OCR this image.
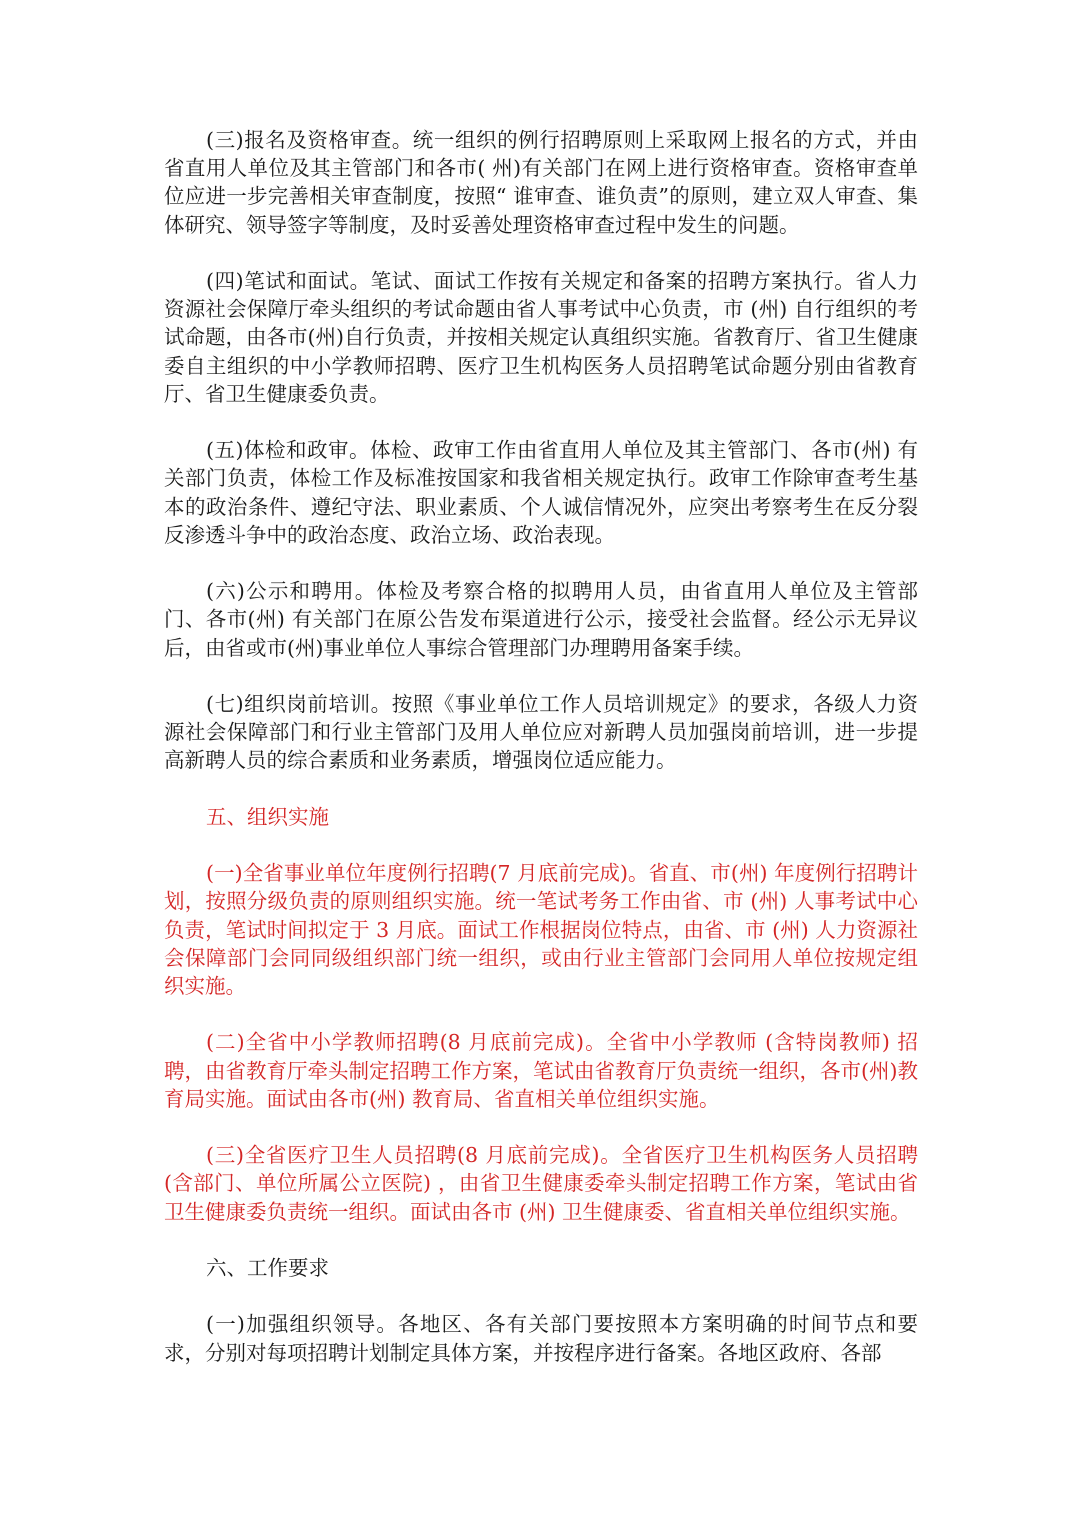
(三)报名及资格审查。统一组织的例行招聘原则上采取网上报名的方式，并由省直用人单位及其主管部门和各市( 州)有关部门在网上进行资格审查。资格审查单位应进一步完善相关审查制度，按照“ 谁审查、谁负责”的原则，建立双人审查、集体研究、领导签字等制度，及时妥善处理资格审查过程中发生的问题。

(四)笔试和面试。笔试、面试工作按有关规定和备案的招聘方案执行。省人力资源社会保障厅牵头组织的考试命题由省人事考试中心负责，市 (州) 自行组织的考试命题，由各市(州)自行负责，并按相关规定认真组织实施。省教育厅、省卫生健康委自主组织的中小学教师招聘、医疗卫生机构医务人员招聘笔试命题分别由省教育厅、省卫生健康委负责。

(五)体检和政审。体检、政审工作由省直用人单位及其主管部门、各市(州) 有关部门负责，体检工作及标准按国家和我省相关规定执行。政审工作除审查考生基本的政治条件、遵纪守法、职业素质、个人诚信情况外，应突出考察考生在反分裂反渗透斗争中的政治态度、政治立场、政治表现。

(六)公示和聘用。体检及考察合格的拟聘用人员，由省直用人单位及主管部门、各市(州) 有关部门在原公告发布渠道进行公示，接受社会监督。经公示无异议后，由省或市(州)事业单位人事综合管理部门办理聘用备案手续。

(七)组织岗前培训。按照《事业单位工作人员培训规定》的要求，各级人力资源社会保障部门和行业主管部门及用人单位应对新聘人员加强岗前培训，进一步提高新聘人员的综合素质和业务素质，增强岗位适应能力。

五、组织实施

(一)全省事业单位年度例行招聘(7 月底前完成)。省直、市(州) 年度例行招聘计划，按照分级负责的原则组织实施。统一笔试考务工作由省、市 (州) 人事考试中心负责，笔试时间拟定于 3 月底。面试工作根据岗位特点，由省、市 (州) 人力资源社会保障部门会同同级组织部门统一组织，或由行业主管部门会同用人单位按规定组织实施。

(二)全省中小学教师招聘(8 月底前完成)。全省中小学教师 (含特岗教师) 招聘，由省教育厅牵头制定招聘工作方案，笔试由省教育厅负责统一组织，各市(州)教育局实施。面试由各市(州) 教育局、省直相关单位组织实施。

(三)全省医疗卫生人员招聘(8 月底前完成)。全省医疗卫生机构医务人员招聘(含部门、单位所属公立医院) ，由省卫生健康委牵头制定招聘工作方案，笔试由省卫生健康委负责统一组织。面试由各市 (州) 卫生健康委、省直相关单位组织实施。

六、工作要求

(一)加强组织领导。各地区、各有关部门要按照本方案明确的时间节点和要求，分别对每项招聘计划制定具体方案，并按程序进行备案。各地区政府、各部
